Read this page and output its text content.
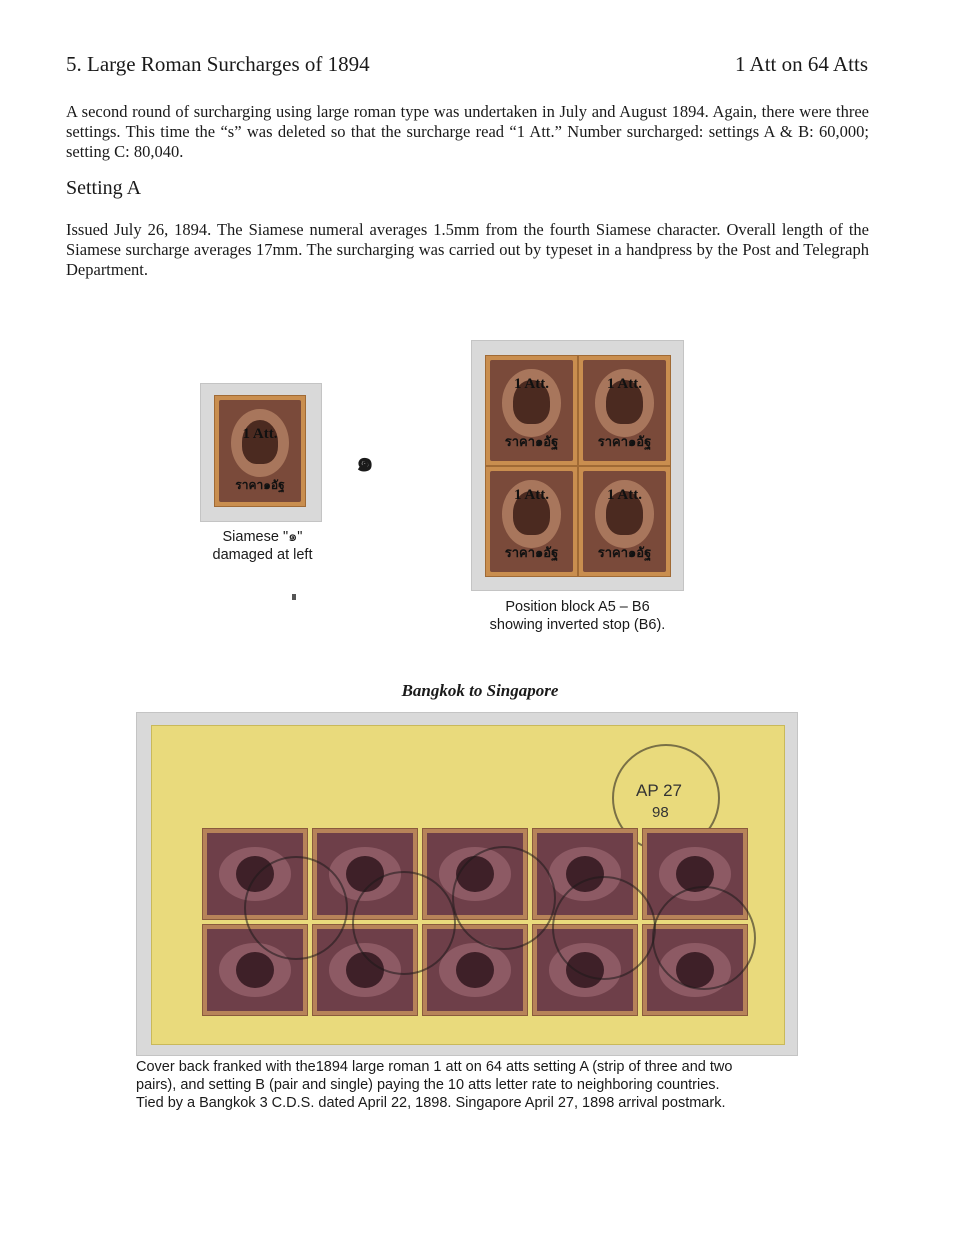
5. Large Roman Surcharges of 1894	1 Att on 64 Atts
A second round of surcharging using large roman type was undertaken in July and August 1894. Again, there were three settings. This time the “s” was deleted so that the surcharge read “1 Att.” Number surcharged: settings A & B: 60,000; setting C: 80,040.
Setting A
Issued July 26, 1894. The Siamese numeral averages 1.5mm from the fourth Siamese character. Overall length of the Siamese surcharge averages 17mm. The surcharging was carried out by typeset in a handpress by the Post and Telegraph Department.
1 Att.
ราคา๑อัฐ
Siamese "๑"
damaged at left
๑
1 Att.
ราคา๑อัฐ
1 Att.
ราคา๑อัฐ
1 Att.
ราคา๑อัฐ
1 Att.
ราคา๑อัฐ
Position block A5 – B6
showing inverted stop (B6).
Bangkok to Singapore
AP 27
98
Cover back franked with the1894 large roman 1 att on 64 atts setting A (strip of three and two
pairs), and setting B (pair and single) paying the 10 atts letter rate to neighboring countries.
Tied by a Bangkok 3 C.D.S. dated April 22, 1898. Singapore April 27, 1898 arrival postmark.
